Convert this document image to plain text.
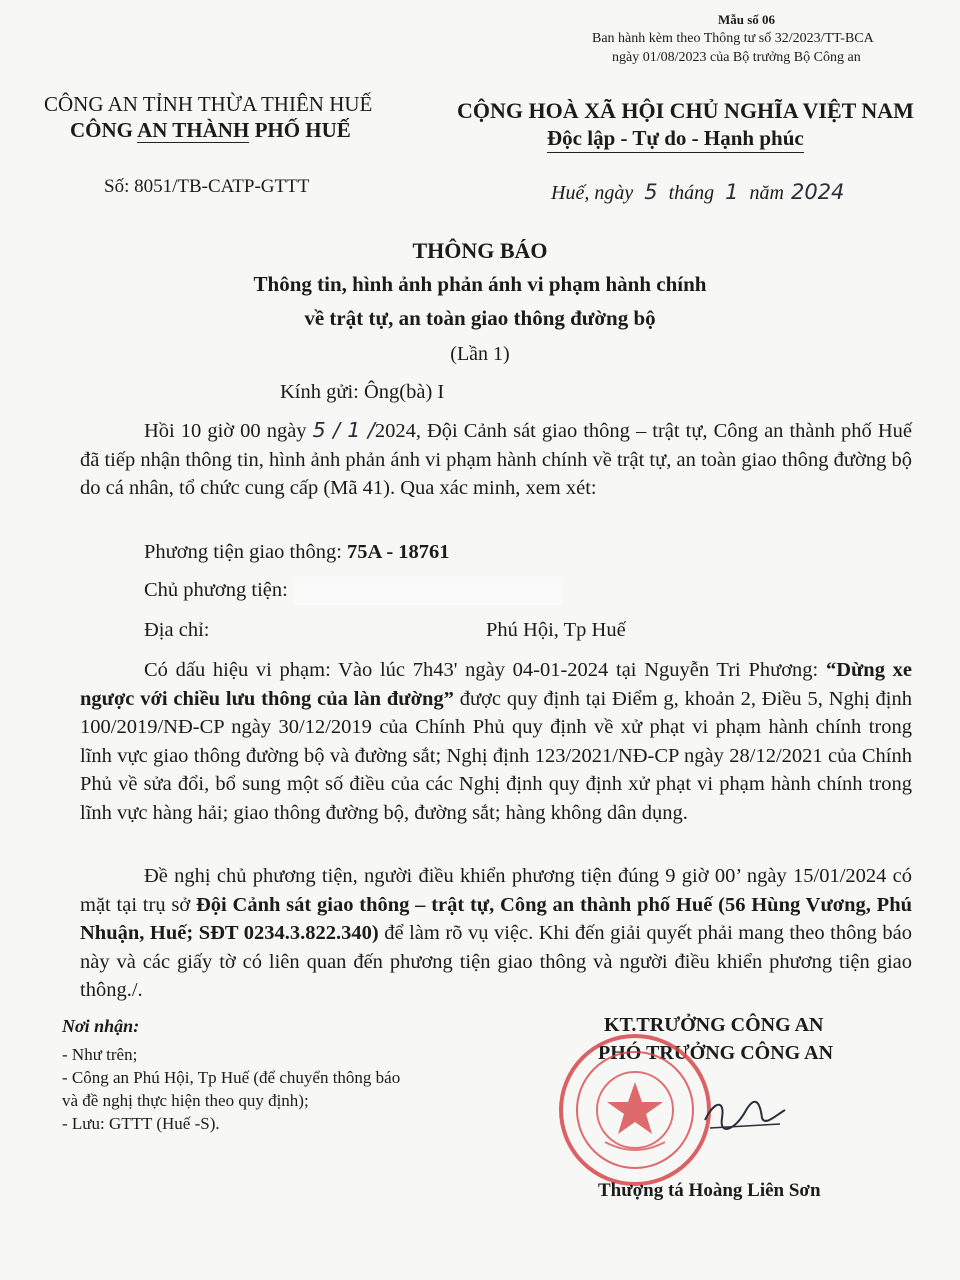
Mẫu số 06
Ban hành kèm theo Thông tư số 32/2023/TT-BCA
ngày 01/08/2023 của Bộ trưởng Bộ Công an
CÔNG AN TỈNH THỪA THIÊN HUẾ
CÔNG AN THÀNH PHỐ HUẾ
CỘNG HOÀ XÃ HỘI CHỦ NGHĨA VIỆT NAM
Độc lập - Tự do - Hạnh phúc
Số: 8051/TB-CATP-GTTT	Huế, ngày 5 tháng 1 năm 2024
THÔNG BÁO
Thông tin, hình ảnh phản ánh vi phạm hành chính
về trật tự, an toàn giao thông đường bộ
(Lần 1)
Kính gửi: Ông(bà) I

Hồi 10 giờ 00 ngày 5 / 1 /2024, Đội Cảnh sát giao thông – trật tự, Công an thành phố Huế đã tiếp nhận thông tin, hình ảnh phản ánh vi phạm hành chính về trật tự, an toàn giao thông đường bộ do cá nhân, tổ chức cung cấp (Mã 41). Qua xác minh, xem xét:

Phương tiện giao thông: 75A - 18761
Chủ phương tiện:
Địa chỉ:	Phú Hội, Tp Huế

Có dấu hiệu vi phạm: Vào lúc 7h43' ngày 04-01-2024 tại Nguyễn Tri Phương: “Dừng xe ngược với chiều lưu thông của làn đường” được quy định tại Điểm g, khoản 2, Điều 5, Nghị định 100/2019/NĐ-CP ngày 30/12/2019 của Chính Phủ quy định về xử phạt vi phạm hành chính trong lĩnh vực giao thông đường bộ và đường sắt; Nghị định 123/2021/NĐ-CP ngày 28/12/2021 của Chính Phủ về sửa đổi, bổ sung một số điều của các Nghị định quy định xử phạt vi phạm hành chính trong lĩnh vực hàng hải; giao thông đường bộ, đường sắt; hàng không dân dụng.

Đề nghị chủ phương tiện, người điều khiển phương tiện đúng 9 giờ 00’ ngày 15/01/2024 có mặt tại trụ sở Đội Cảnh sát giao thông – trật tự, Công an thành phố Huế (56 Hùng Vương, Phú Nhuận, Huế; SĐT 0234.3.822.340) để làm rõ vụ việc. Khi đến giải quyết phải mang theo thông báo này và các giấy tờ có liên quan đến phương tiện giao thông và người điều khiển phương tiện giao thông./.

Nơi nhận:
- Như trên;
- Công an Phú Hội, Tp Huế (để chuyển thông báo
và đề nghị thực hiện theo quy định);
- Lưu: GTTT (Huế -S).
KT.TRƯỞNG CÔNG AN
PHÓ TRƯỞNG CÔNG AN
Thượng tá Hoàng Liên Sơn
